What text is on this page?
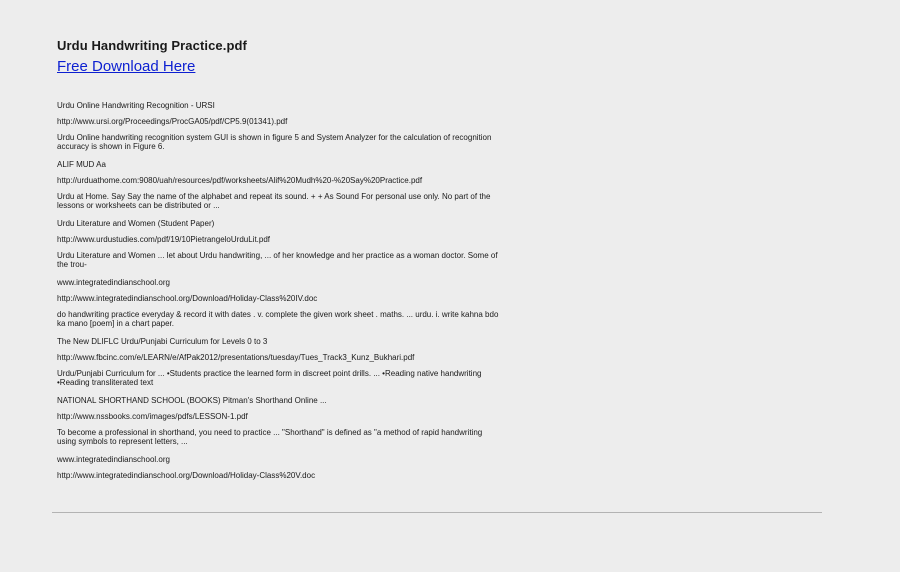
Urdu Handwriting Practice.pdf
Free Download Here

Urdu Online Handwriting Recognition - URSI

http://www.ursi.org/Proceedings/ProcGA05/pdf/CP5.9(01341).pdf

Urdu Online handwriting recognition system GUI is shown in figure 5 and System Analyzer for the calculation of recognition
accuracy is shown in Figure 6.

ALIF MUD Aa

http://urduathome.com:9080/uah/resources/pdf/worksheets/Alif%20Mudh%20-%20Say%20Practice.pdf

Urdu at Home. Say Say the name of the alphabet and repeat its sound. + + As Sound For personal use only. No part of the
lessons or worksheets can be distributed or ...

Urdu Literature and Women (Student Paper)

http://www.urdustudies.com/pdf/19/10PietrangeloUrduLit.pdf

Urdu Literature and Women ... let about Urdu handwriting, ... of her knowledge and her practice as a woman doctor. Some of
the trou-

www.integratedindianschool.org

http://www.integratedindianschool.org/Download/Holiday-Class%20IV.doc

do handwriting practice everyday & record it with dates . v. complete the given work sheet . maths. ... urdu. i. write kahna bdo
ka mano [poem] in a chart paper.

The New DLIFLC Urdu/Punjabi Curriculum for Levels 0 to 3

http://www.fbcinc.com/e/LEARN/e/AfPak2012/presentations/tuesday/Tues_Track3_Kunz_Bukhari.pdf

Urdu/Punjabi Curriculum for ... •Students practice the learned form in discreet point drills. ... •Reading native handwriting
•Reading transliterated text

NATIONAL SHORTHAND SCHOOL (BOOKS) Pitman's Shorthand Online ...

http://www.nssbooks.com/images/pdfs/LESSON-1.pdf

To become a professional in shorthand, you need to practice ... "Shorthand" is defined as "a method of rapid handwriting
using symbols to represent letters, ...

www.integratedindianschool.org

http://www.integratedindianschool.org/Download/Holiday-Class%20V.doc
